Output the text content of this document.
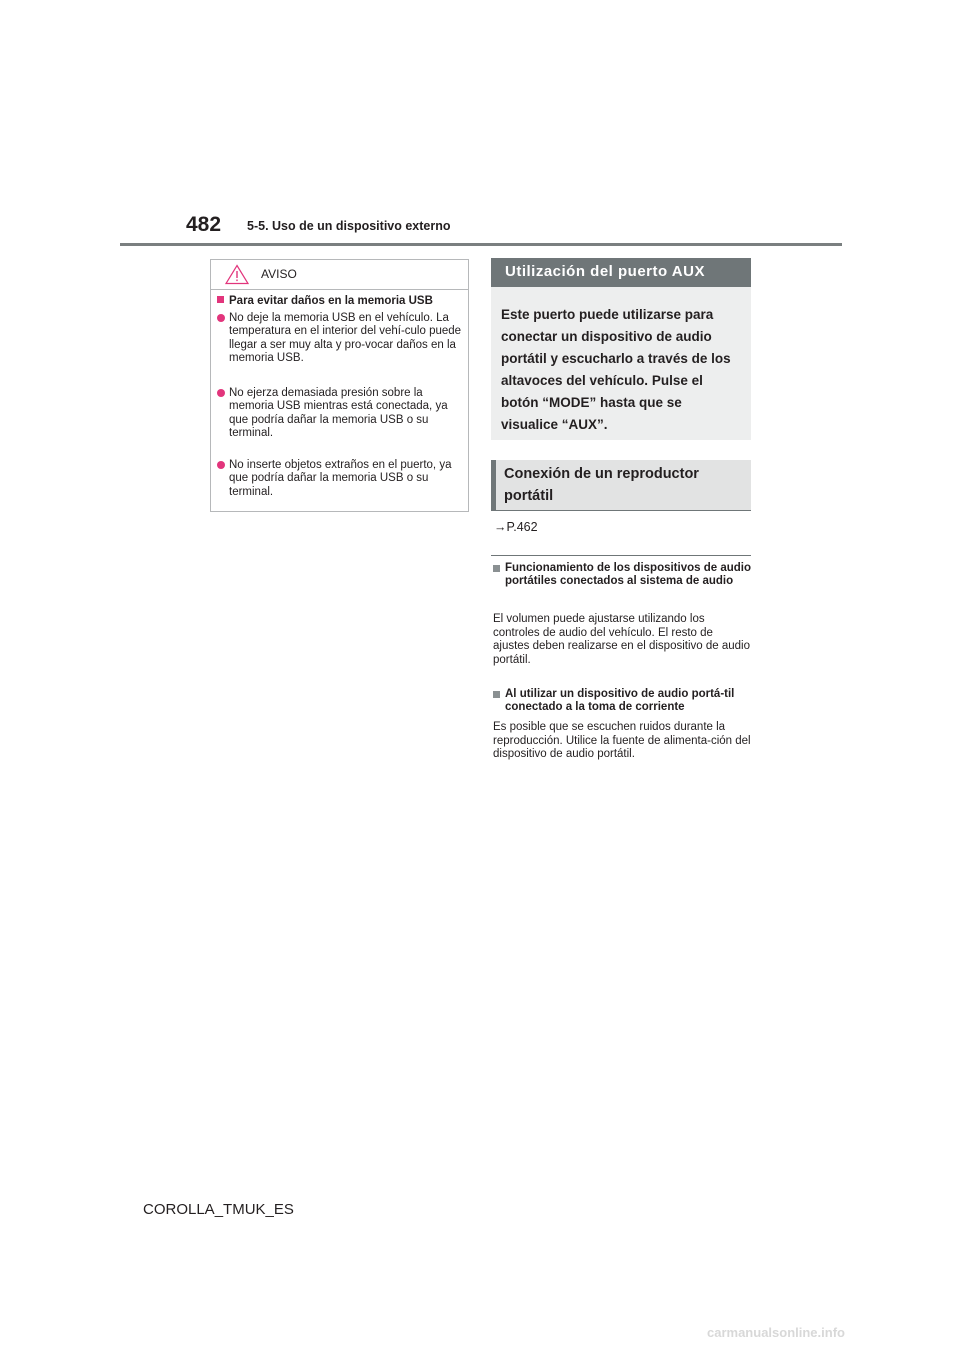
482 5-5. Uso de un dispositivo externo
AVISO
Para evitar daños en la memoria USB
No deje la memoria USB en el vehículo. La temperatura en el interior del vehí-culo puede llegar a ser muy alta y pro-vocar daños en la memoria USB.
No ejerza demasiada presión sobre la memoria USB mientras está conectada, ya que podría dañar la memoria USB o su terminal.
No inserte objetos extraños en el puerto, ya que podría dañar la memoria USB o su terminal.
Utilización del puerto AUX
Este puerto puede utilizarse para conectar un dispositivo de audio portátil y escucharlo a través de los altavoces del vehículo. Pulse el botón “MODE” hasta que se visualice “AUX”.
Conexión de un reproductor portátil
→P.462
Funcionamiento de los dispositivos de audio portátiles conectados al sistema de audio
El volumen puede ajustarse utilizando los controles de audio del vehículo. El resto de ajustes deben realizarse en el dispositivo de audio portátil.
Al utilizar un dispositivo de audio portá-til conectado a la toma de corriente
Es posible que se escuchen ruidos durante la reproducción. Utilice la fuente de alimenta-ción del dispositivo de audio portátil.
COROLLA_TMUK_ES
carmanualsonline.info
